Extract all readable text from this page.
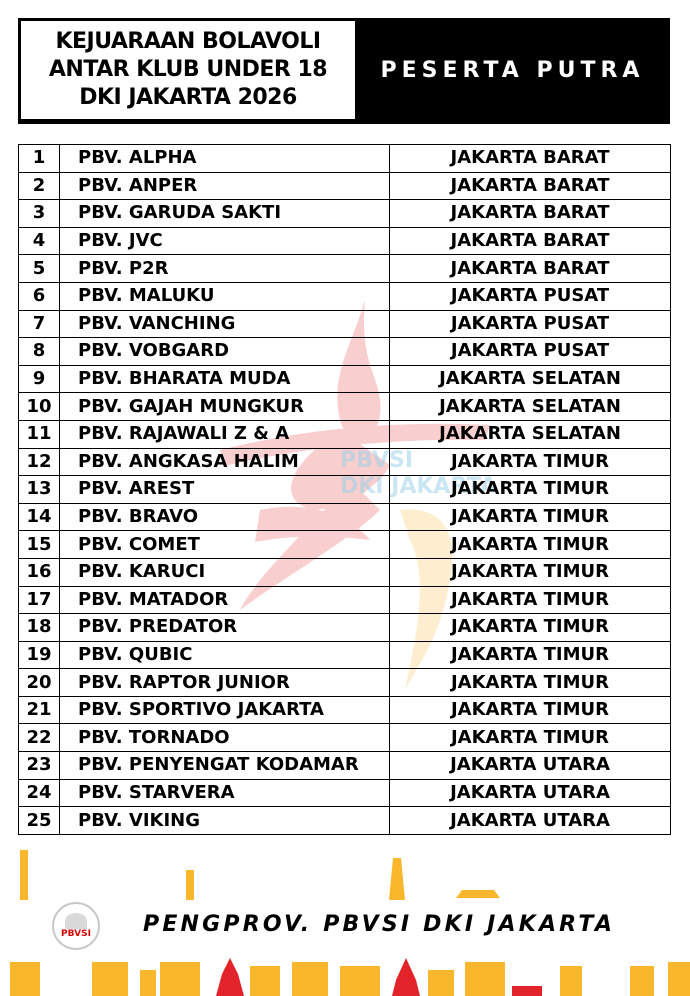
PBVSI
DKI JAKARTA
KEJUARAAN BOLAVOLI
ANTAR KLUB UNDER 18
DKI JAKARTA 2026
PESERTA PUTRA
1	PBV. ALPHA	JAKARTA BARAT
2	PBV. ANPER	JAKARTA BARAT
3	PBV. GARUDA SAKTI	JAKARTA BARAT
4	PBV. JVC	JAKARTA BARAT
5	PBV. P2R	JAKARTA BARAT
6	PBV. MALUKU	JAKARTA PUSAT
7	PBV. VANCHING	JAKARTA PUSAT
8	PBV. VOBGARD	JAKARTA PUSAT
9	PBV. BHARATA MUDA	JAKARTA SELATAN
10	PBV. GAJAH MUNGKUR	JAKARTA SELATAN
11	PBV. RAJAWALI Z & A	JAKARTA SELATAN
12	PBV. ANGKASA HALIM	JAKARTA TIMUR
13	PBV. AREST	JAKARTA TIMUR
14	PBV. BRAVO	JAKARTA TIMUR
15	PBV. COMET	JAKARTA TIMUR
16	PBV. KARUCI	JAKARTA TIMUR
17	PBV. MATADOR	JAKARTA TIMUR
18	PBV. PREDATOR	JAKARTA TIMUR
19	PBV. QUBIC	JAKARTA TIMUR
20	PBV. RAPTOR JUNIOR	JAKARTA TIMUR
21	PBV. SPORTIVO JAKARTA	JAKARTA TIMUR
22	PBV. TORNADO	JAKARTA TIMUR
23	PBV. PENYENGAT KODAMAR	JAKARTA UTARA
24	PBV. STARVERA	JAKARTA UTARA
25	PBV. VIKING	JAKARTA UTARA
PBVSI PENGPROV. PBVSI DKI JAKARTA
